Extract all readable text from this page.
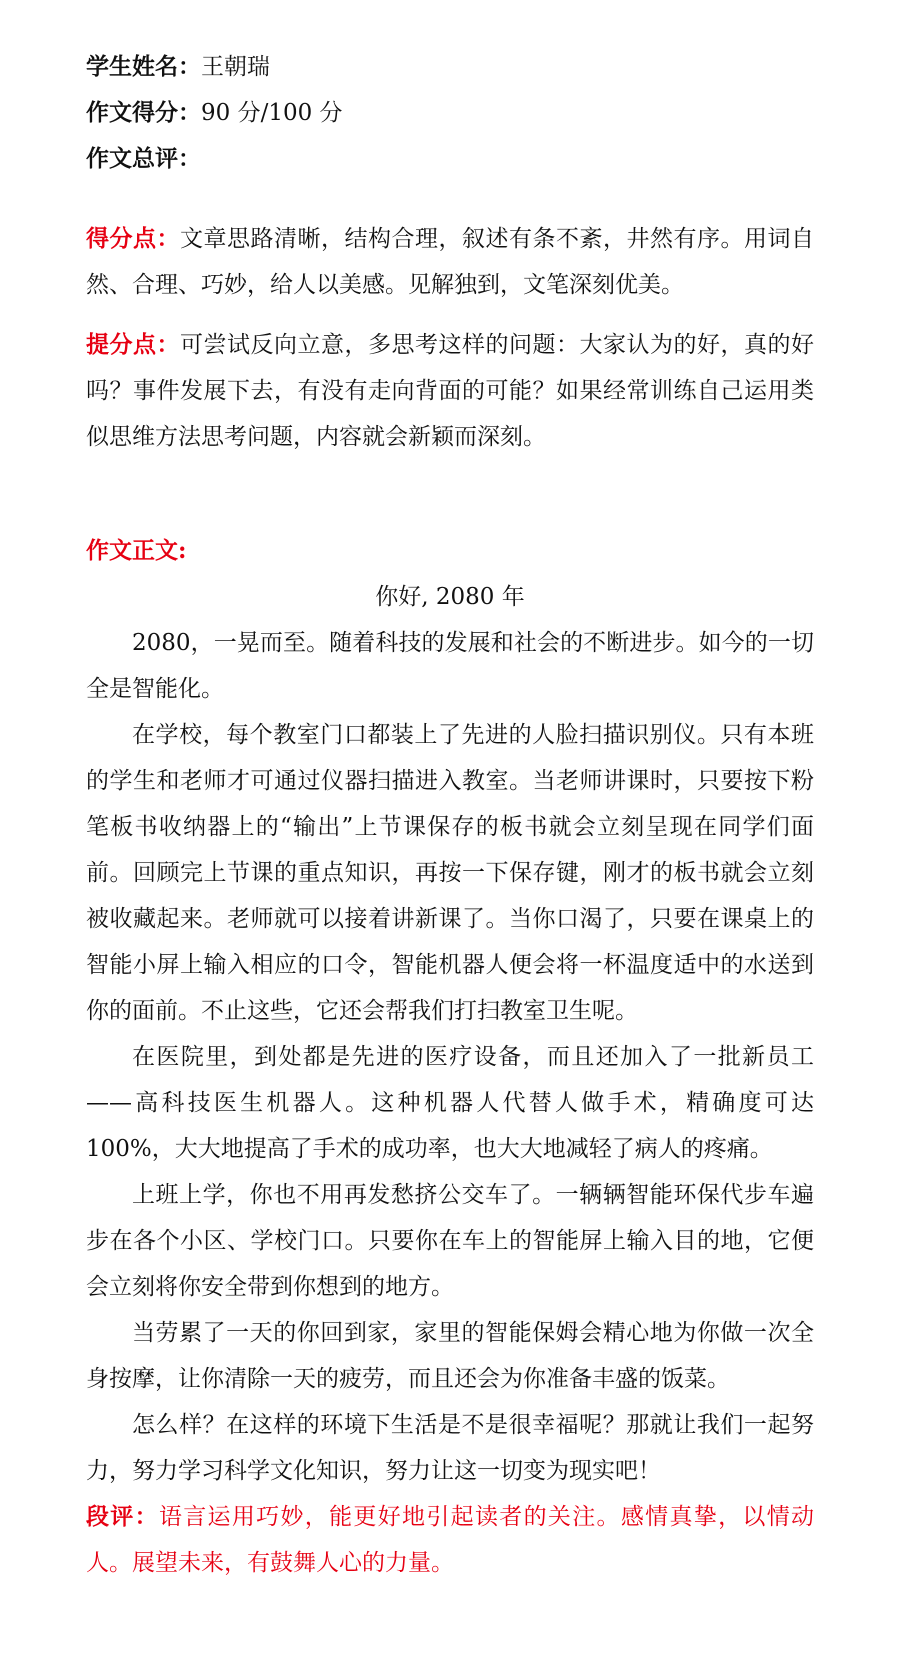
学生姓名：王朝瑞
作文得分：90 分/100 分
作文总评：
得分点：文章思路清晰，结构合理，叙述有条不紊，井然有序。用词自然、合理、巧妙，给人以美感。见解独到，文笔深刻优美。
提分点：可尝试反向立意，多思考这样的问题：大家认为的好，真的好吗？事件发展下去，有没有走向背面的可能？如果经常训练自己运用类似思维方法思考问题，内容就会新颖而深刻。
作文正文:
你好, 2080 年

2080，一晃而至。随着科技的发展和社会的不断进步。如今的一切全是智能化。

在学校，每个教室门口都装上了先进的人脸扫描识别仪。只有本班的学生和老师才可通过仪器扫描进入教室。当老师讲课时，只要按下粉笔板书收纳器上的“输出”上节课保存的板书就会立刻呈现在同学们面前。回顾完上节课的重点知识，再按一下保存键，刚才的板书就会立刻被收藏起来。老师就可以接着讲新课了。当你口渴了，只要在课桌上的智能小屏上输入相应的口令，智能机器人便会将一杯温度适中的水送到你的面前。不止这些，它还会帮我们打扫教室卫生呢。

在医院里，到处都是先进的医疗设备，而且还加入了一批新员工——高科技医生机器人。这种机器人代替人做手术，精确度可达 100%，大大地提高了手术的成功率，也大大地减轻了病人的疼痛。

上班上学，你也不用再发愁挤公交车了。一辆辆智能环保代步车遍步在各个小区、学校门口。只要你在车上的智能屏上输入目的地，它便会立刻将你安全带到你想到的地方。

当劳累了一天的你回到家，家里的智能保姆会精心地为你做一次全身按摩，让你清除一天的疲劳，而且还会为你准备丰盛的饭菜。

怎么样？在这样的环境下生活是不是很幸福呢？那就让我们一起努力，努力学习科学文化知识，努力让这一切变为现实吧！

段评：语言运用巧妙，能更好地引起读者的关注。感情真挚，以情动人。展望未来，有鼓舞人心的力量。
